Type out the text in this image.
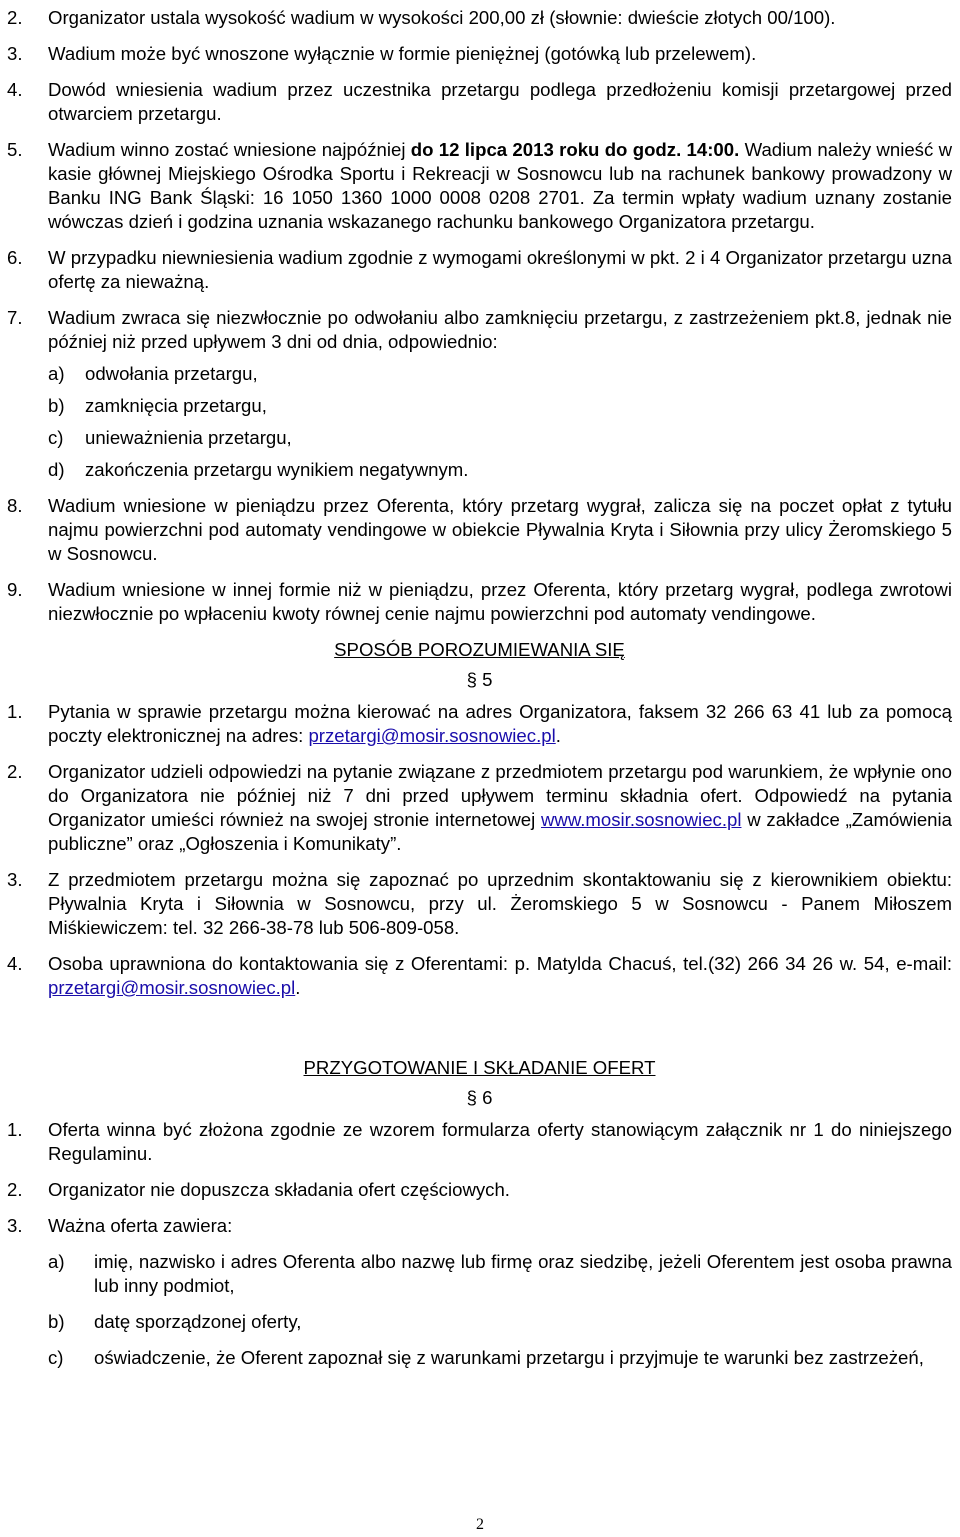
2.	Organizator ustala wysokość wadium w wysokości 200,00 zł (słownie: dwieście złotych 00/100).
3.	Wadium może być wnoszone wyłącznie w formie pieniężnej (gotówką lub przelewem).
4.	Dowód wniesienia wadium przez uczestnika przetargu podlega przedłożeniu komisji przetargowej przed otwarciem przetargu.
5.	Wadium winno zostać wniesione najpóźniej do 12 lipca 2013 roku do godz. 14:00. Wadium należy wnieść w kasie głównej Miejskiego Ośrodka Sportu i Rekreacji w Sosnowcu lub na rachunek bankowy prowadzony w Banku ING Bank Śląski: 16 1050 1360 1000 0008 0208 2701. Za termin wpłaty wadium uznany zostanie wówczas dzień i godzina uznania wskazanego rachunku bankowego Organizatora przetargu.
6.	W przypadku niewniesienia wadium zgodnie z wymogami określonymi w pkt. 2 i 4 Organizator przetargu uzna ofertę za nieważną.
7.	Wadium zwraca się niezwłocznie po odwołaniu albo zamknięciu przetargu, z zastrzeżeniem pkt.8, jednak nie później niż przed upływem 3 dni od dnia, odpowiednio:
a)	odwołania przetargu,
b)	zamknięcia przetargu,
c)	unieważnienia przetargu,
d)	zakończenia przetargu wynikiem negatywnym.
8.	Wadium wniesione w pieniądzu przez Oferenta, który przetarg wygrał, zalicza się na poczet opłat z tytułu najmu powierzchni pod automaty vendingowe w obiekcie Pływalnia Kryta i Siłownia przy ulicy Żeromskiego 5 w Sosnowcu.
9.	Wadium wniesione w innej formie niż w pieniądzu, przez Oferenta, który przetarg wygrał, podlega zwrotowi niezwłocznie po wpłaceniu kwoty równej cenie najmu powierzchni pod automaty vendingowe.
SPOSÓB POROZUMIEWANIA SIĘ
§ 5
1.	Pytania w sprawie przetargu można kierować na adres Organizatora, faksem 32 266 63 41 lub za pomocą poczty elektronicznej na adres: przetargi@mosir.sosnowiec.pl.
2.	Organizator udzieli odpowiedzi na pytanie związane z przedmiotem przetargu pod warunkiem, że wpłynie ono do Organizatora nie później niż 7 dni przed upływem terminu składnia ofert. Odpowiedź na pytania Organizator umieści również na swojej stronie internetowej www.mosir.sosnowiec.pl w zakładce „Zamówienia publiczne” oraz „Ogłoszenia i Komunikaty”.
3.	Z przedmiotem przetargu można się zapoznać po uprzednim skontaktowaniu się z kierownikiem obiektu: Pływalnia Kryta i Siłownia w Sosnowcu, przy ul. Żeromskiego 5 w Sosnowcu - Panem Miłoszem Miśkiewiczem: tel. 32 266-38-78 lub 506-809-058.
4.	Osoba uprawniona do kontaktowania się z Oferentami: p. Matylda Chacuś, tel.(32) 266 34 26 w. 54, e-mail: przetargi@mosir.sosnowiec.pl.
PRZYGOTOWANIE I SKŁADANIE OFERT
§ 6
1.	Oferta winna być złożona zgodnie ze wzorem formularza oferty stanowiącym załącznik nr 1 do niniejszego Regulaminu.
2.	Organizator nie dopuszcza składania ofert częściowych.
3.	Ważna oferta zawiera:
a)	imię, nazwisko i adres Oferenta albo nazwę lub firmę oraz siedzibę, jeżeli Oferentem jest osoba prawna lub inny podmiot,
b)	datę sporządzonej oferty,
c)	oświadczenie, że Oferent zapoznał się z warunkami przetargu i przyjmuje te warunki bez zastrzeżeń,
2
